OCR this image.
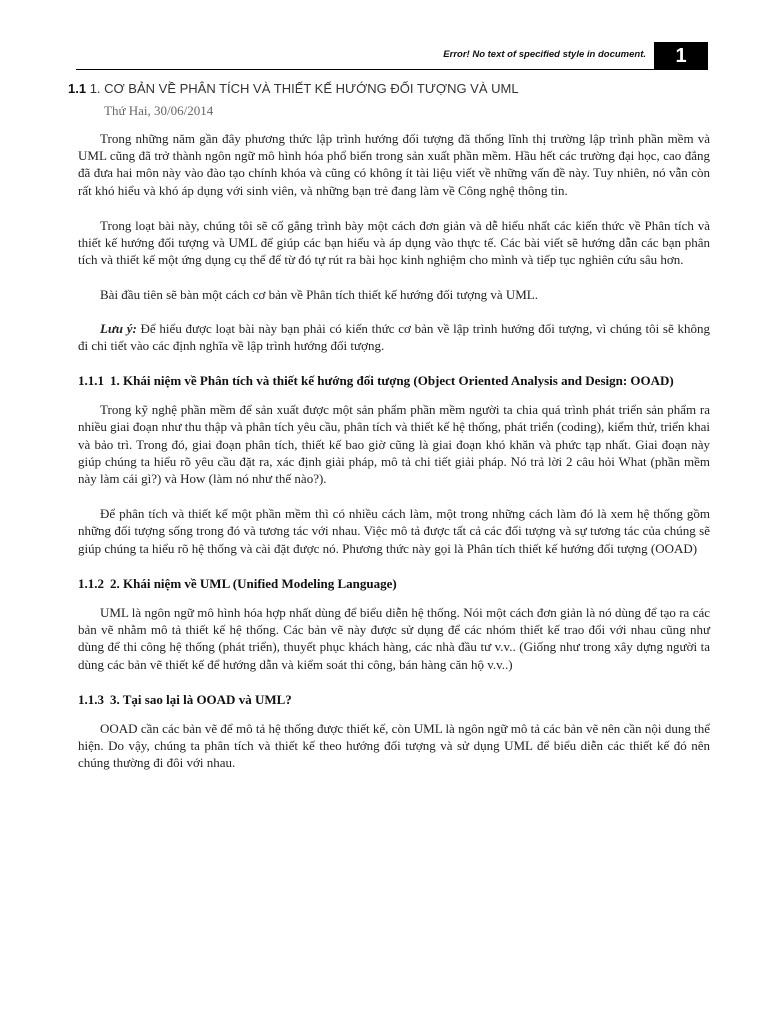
Error! No text of specified style in document.	1
1.1 1. CƠ BẢN VỀ PHÂN TÍCH VÀ THIẾT KẾ HƯỚNG ĐỐI TƯỢNG VÀ UML
Thứ Hai, 30/06/2014

Trong những năm gần đây phương thức lập trình hướng đối tượng đã thống lĩnh thị trường lập trình phần mềm và UML cũng đã trở thành ngôn ngữ mô hình hóa phổ biến trong sản xuất phần mềm. Hầu hết các trường đại học, cao đẳng đã đưa hai môn này vào đào tạo chính khóa và cũng có không ít tài liệu viết về những vấn đề này. Tuy nhiên, nó vẫn còn rất khó hiểu và khó áp dụng với sinh viên, và những bạn trẻ đang làm về Công nghệ thông tin.

Trong loạt bài này, chúng tôi sẽ cố gắng trình bày một cách đơn giản và dễ hiểu nhất các kiến thức về Phân tích và thiết kế hướng đối tượng và UML để giúp các bạn hiểu và áp dụng vào thực tế. Các bài viết sẽ hướng dẫn các bạn phân tích và thiết kế một ứng dụng cụ thể để từ đó tự rút ra bài học kinh nghiệm cho mình và tiếp tục nghiên cứu sâu hơn.

Bài đầu tiên sẽ bàn một cách cơ bản về Phân tích thiết kế hướng đối tượng và UML.

Lưu ý: Để hiểu được loạt bài này bạn phải có kiến thức cơ bản về lập trình hướng đối tượng, vì chúng tôi sẽ không đi chi tiết vào các định nghĩa về lập trình hướng đối tượng.

1.1.1 1. Khái niệm về Phân tích và thiết kế hướng đối tượng (Object Oriented Analysis and Design: OOAD)

Trong kỹ nghệ phần mềm để sản xuất được một sản phẩm phần mềm người ta chia quá trình phát triển sản phẩm ra nhiều giai đoạn như thu thập và phân tích yêu cầu, phân tích và thiết kế hệ thống, phát triển (coding), kiểm thử, triển khai và bảo trì. Trong đó, giai đoạn phân tích, thiết kế bao giờ cũng là giai đoạn khó khăn và phức tạp nhất. Giai đoạn này giúp chúng ta hiểu rõ yêu cầu đặt ra, xác định giải pháp, mô tả chi tiết giải pháp. Nó trả lời 2 câu hỏi What (phần mềm này làm cái gì?) và How (làm nó như thế nào?).

Để phân tích và thiết kế một phần mềm thì có nhiều cách làm, một trong những cách làm đó là xem hệ thống gồm những đối tượng sống trong đó và tương tác với nhau. Việc mô tả được tất cả các đối tượng và sự tương tác của chúng sẽ giúp chúng ta hiểu rõ hệ thống và cài đặt được nó. Phương thức này gọi là Phân tích thiết kế hướng đối tượng (OOAD)

1.1.2 2. Khái niệm về UML (Unified Modeling Language)

UML là ngôn ngữ mô hình hóa hợp nhất dùng để biểu diễn hệ thống. Nói một cách đơn giản là nó dùng để tạo ra các bản vẽ nhằm mô tả thiết kế hệ thống. Các bản vẽ này được sử dụng để các nhóm thiết kế trao đổi với nhau cũng như dùng để thi công hệ thống (phát triển), thuyết phục khách hàng, các nhà đầu tư v.v.. (Giống như trong xây dựng người ta dùng các bản vẽ thiết kế để hướng dẫn và kiểm soát thi công, bán hàng căn hộ v.v..)

1.1.3 3. Tại sao lại là OOAD và UML?

OOAD cần các bản vẽ để mô tả hệ thống được thiết kế, còn UML là ngôn ngữ mô tả các bản vẽ nên cần nội dung thể hiện. Do vậy, chúng ta phân tích và thiết kế theo hướng đối tượng và sử dụng UML để biểu diễn các thiết kế đó nên chúng thường đi đôi với nhau.
